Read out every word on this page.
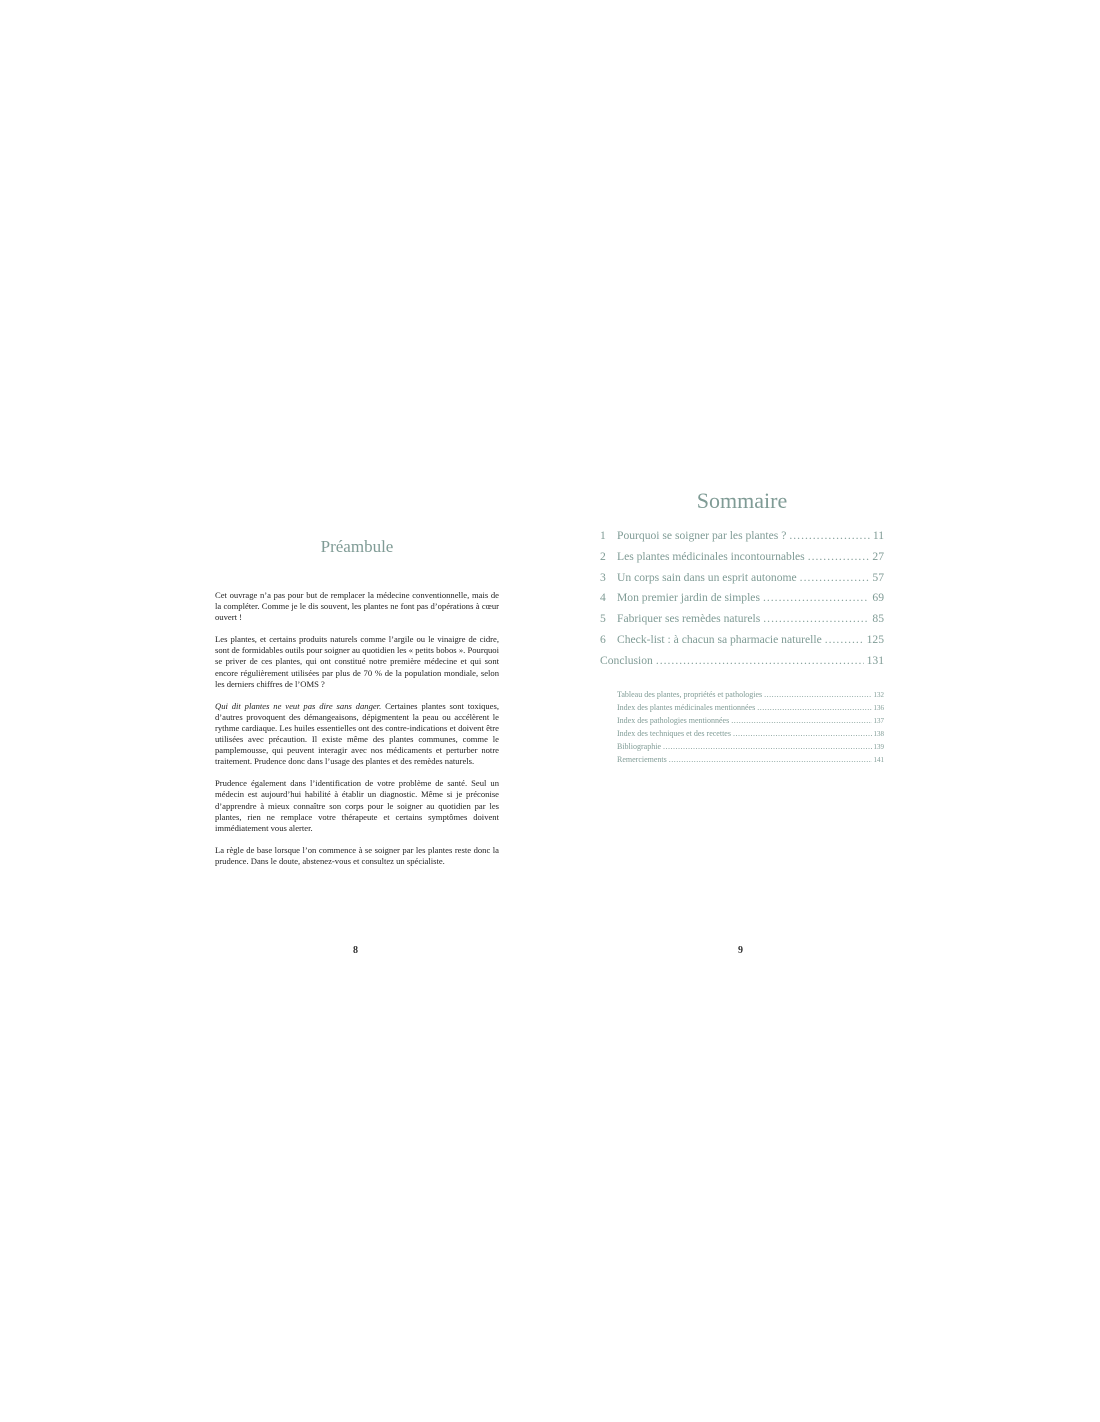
Préambule

Cet ouvrage n’a pas pour but de remplacer la médecine conventionnelle, mais de la compléter. Comme je le dis souvent, les plantes ne font pas d’opérations à cœur ouvert !

Les plantes, et certains produits naturels comme l’argile ou le vinaigre de cidre, sont de formidables outils pour soigner au quotidien les « petits bobos ». Pourquoi se priver de ces plantes, qui ont constitué notre première médecine et qui sont encore régulièrement utilisées par plus de 70 % de la population mondiale, selon les derniers chiffres de l’OMS ?

Qui dit plantes ne veut pas dire sans danger. Certaines plantes sont toxiques, d’autres provoquent des démangeaisons, dépigmentent la peau ou accélèrent le rythme cardiaque. Les huiles essentielles ont des contre-indications et doivent être utilisées avec précaution. Il existe même des plantes communes, comme le pamplemousse, qui peuvent interagir avec nos médicaments et perturber notre traitement. Prudence donc dans l’usage des plantes et des remèdes naturels.

Prudence également dans l’identification de votre problème de santé. Seul un médecin est aujourd’hui habilité à établir un diagnostic. Même si je préconise d’apprendre à mieux connaître son corps pour le soigner au quotidien par les plantes, rien ne remplace votre thérapeute et certains symptômes doivent immédiatement vous alerter.

La règle de base lorsque l’on commence à se soigner par les plantes reste donc la prudence. Dans le doute, abstenez-vous et consultez un spécialiste.

8
Sommaire
1 Pourquoi se soigner par les plantes ? .....	11
2 Les plantes médicinales incontournables .....	27
3 Un corps sain dans un esprit autonome .....	57
4 Mon premier jardin de simples .....	69
5 Fabriquer ses remèdes naturels .....	85
6 Check-list : à chacun sa pharmacie naturelle .....	125
Conclusion .....	131
Tableau des plantes, propriétés et pathologies .....	132
Index des plantes médicinales mentionnées .....	136
Index des pathologies mentionnées .....	137
Index des techniques et des recettes .....	138
Bibliographie .....	139
Remerciements .....	141
9
